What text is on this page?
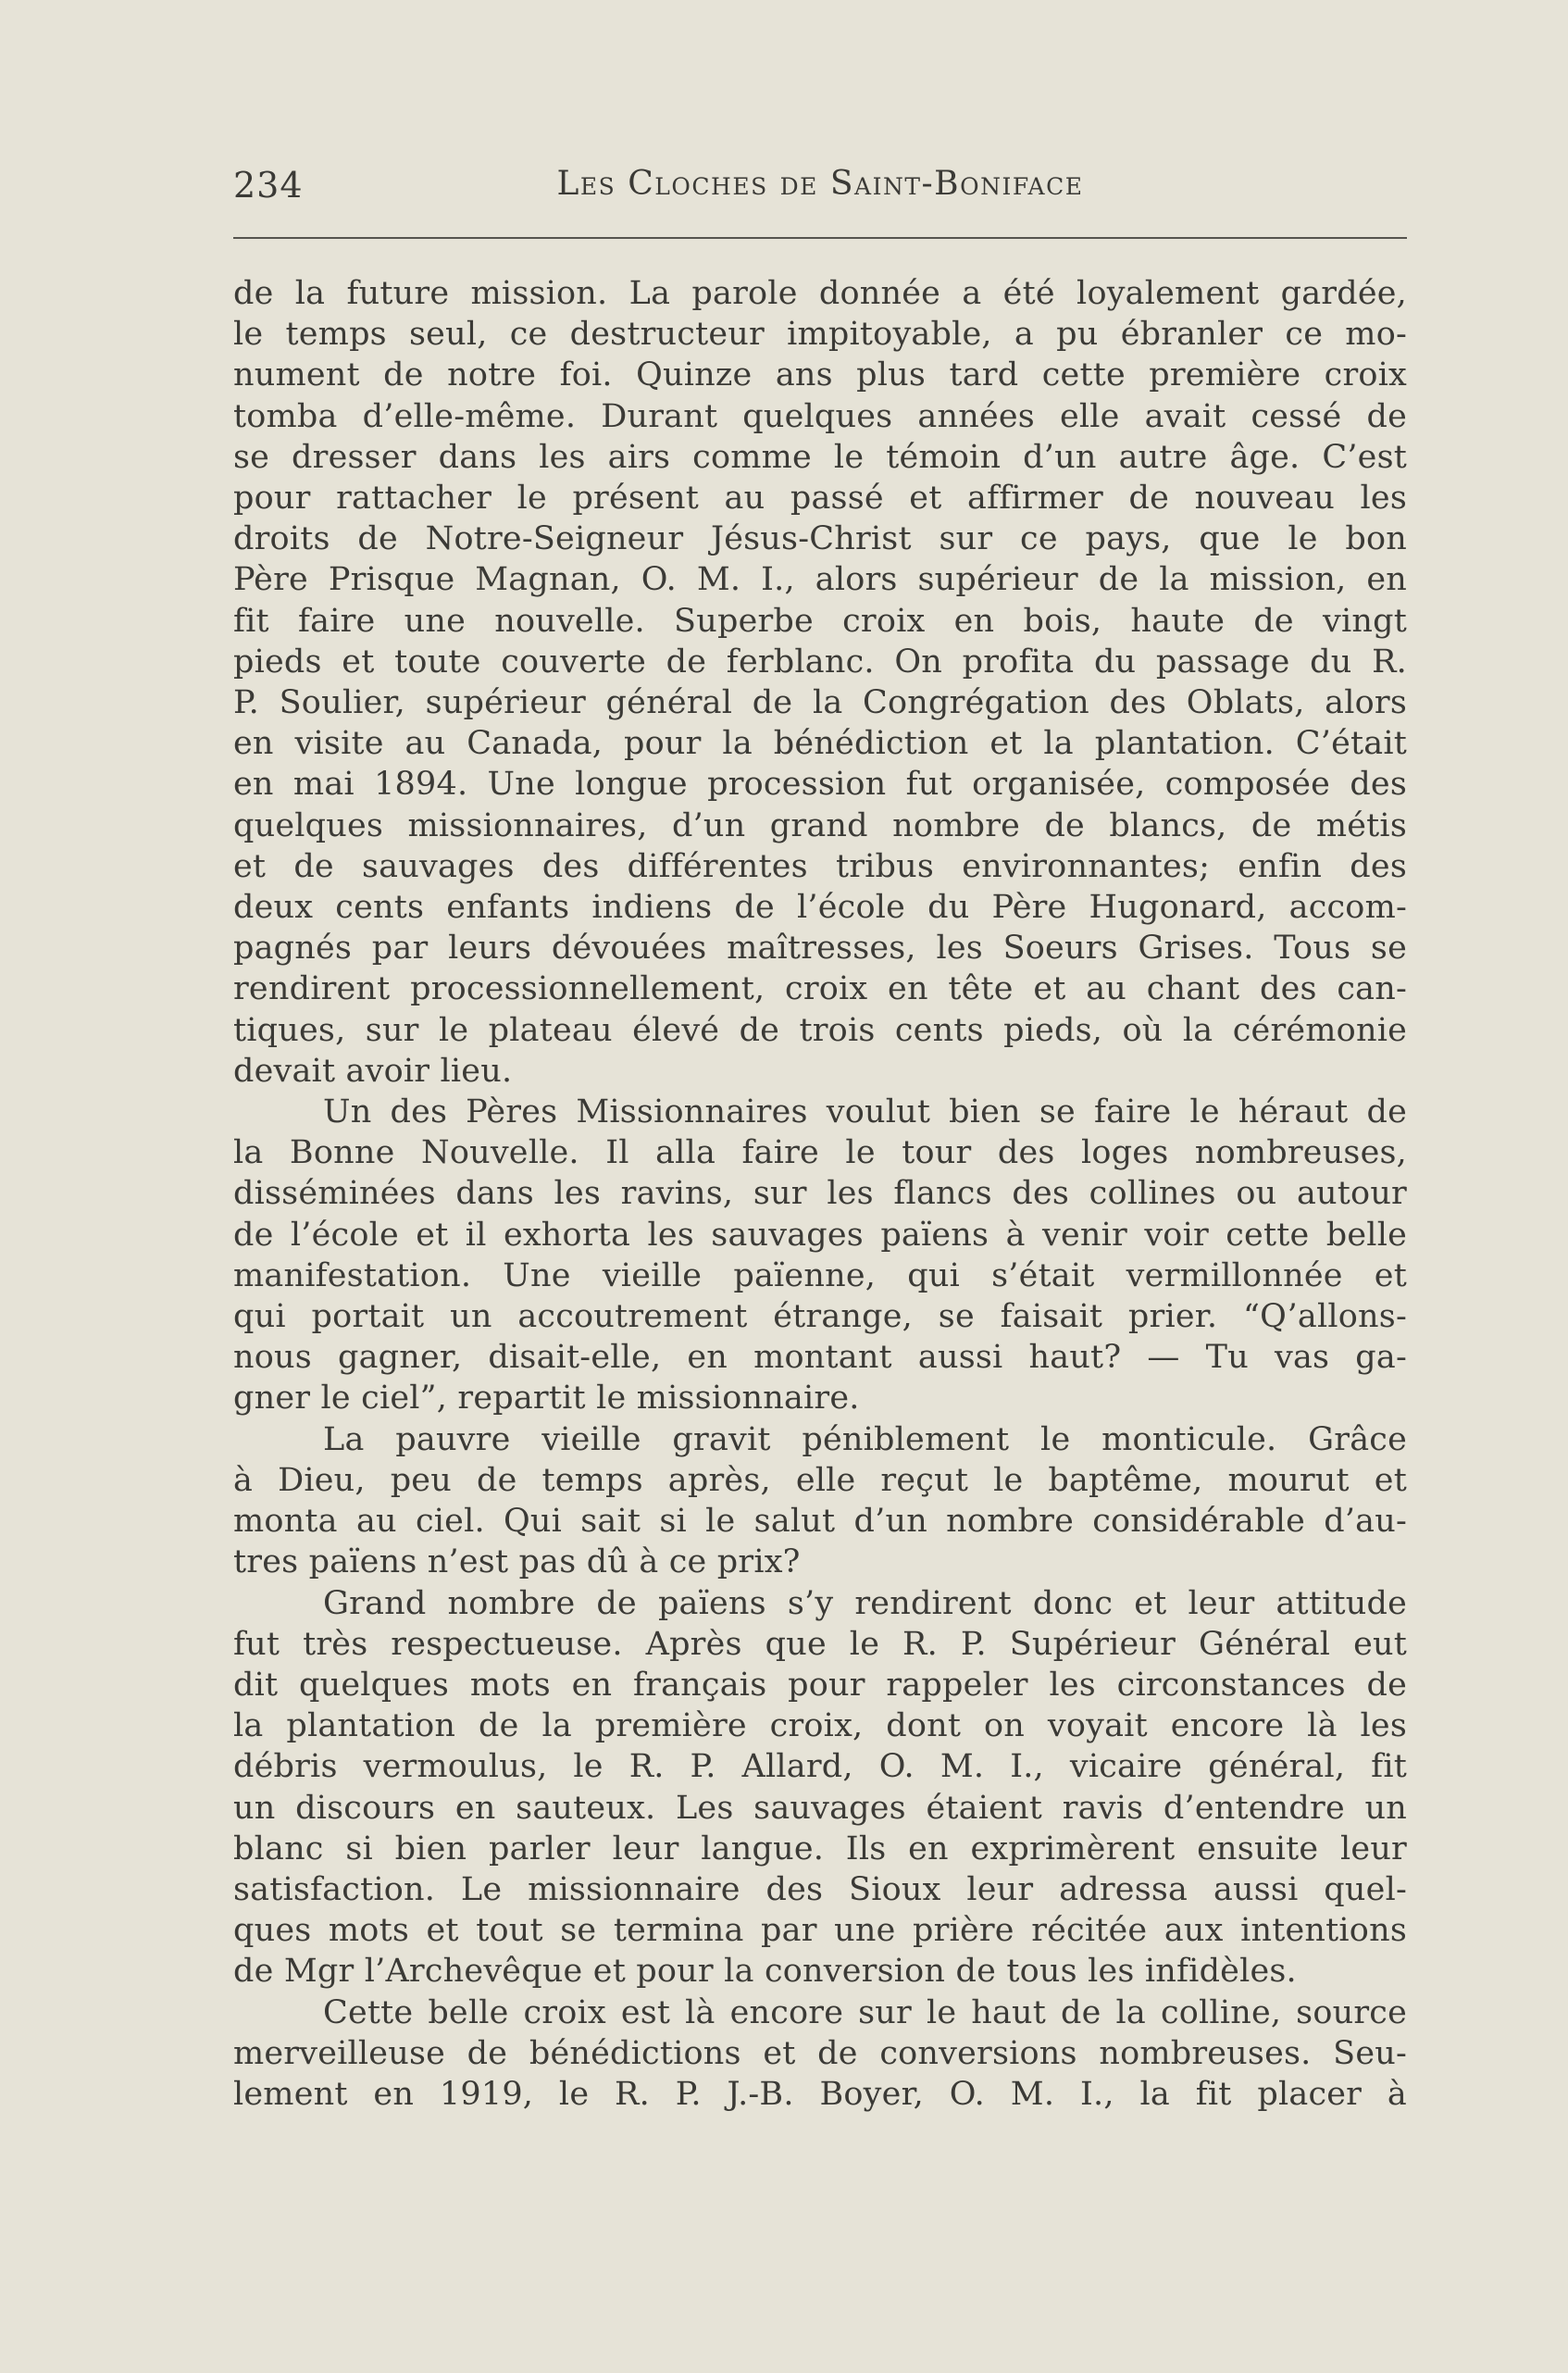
234	Les Cloches de Saint-Boniface
de la future mission. La parole donnée a été loyalement gardée,
le temps seul, ce destructeur impitoyable, a pu ébranler ce mo-
nument de notre foi. Quinze ans plus tard cette première croix
tomba d’elle-même. Durant quelques années elle avait cessé de
se dresser dans les airs comme le témoin d’un autre âge. C’est
pour rattacher le présent au passé et affirmer de nouveau les
droits de Notre-Seigneur Jésus-Christ sur ce pays, que le bon
Père Prisque Magnan, O. M. I., alors supérieur de la mission, en
fit faire une nouvelle. Superbe croix en bois, haute de vingt
pieds et toute couverte de ferblanc. On profita du passage du R.
P. Soulier, supérieur général de la Congrégation des Oblats, alors
en visite au Canada, pour la bénédiction et la plantation. C’était
en mai 1894. Une longue procession fut organisée, composée des
quelques missionnaires, d’un grand nombre de blancs, de métis
et de sauvages des différentes tribus environnantes; enfin des
deux cents enfants indiens de l’école du Père Hugonard, accom-
pagnés par leurs dévouées maîtresses, les Soeurs Grises. Tous se
rendirent processionnellement, croix en tête et au chant des can-
tiques, sur le plateau élevé de trois cents pieds, où la cérémonie
devait avoir lieu.
Un des Pères Missionnaires voulut bien se faire le héraut de
la Bonne Nouvelle. Il alla faire le tour des loges nombreuses,
disséminées dans les ravins, sur les flancs des collines ou autour
de l’école et il exhorta les sauvages païens à venir voir cette belle
manifestation. Une vieille païenne, qui s’était vermillonnée et
qui portait un accoutrement étrange, se faisait prier. “Q’allons-
nous gagner, disait-elle, en montant aussi haut? — Tu vas ga-
gner le ciel”, repartit le missionnaire.
La pauvre vieille gravit péniblement le monticule. Grâce
à Dieu, peu de temps après, elle reçut le baptême, mourut et
monta au ciel. Qui sait si le salut d’un nombre considérable d’au-
tres païens n’est pas dû à ce prix?
Grand nombre de païens s’y rendirent donc et leur attitude
fut très respectueuse. Après que le R. P. Supérieur Général eut
dit quelques mots en français pour rappeler les circonstances de
la plantation de la première croix, dont on voyait encore là les
débris vermoulus, le R. P. Allard, O. M. I., vicaire général, fit
un discours en sauteux. Les sauvages étaient ravis d’entendre un
blanc si bien parler leur langue. Ils en exprimèrent ensuite leur
satisfaction. Le missionnaire des Sioux leur adressa aussi quel-
ques mots et tout se termina par une prière récitée aux intentions
de Mgr l’Archevêque et pour la conversion de tous les infidèles.
Cette belle croix est là encore sur le haut de la colline, source
merveilleuse de bénédictions et de conversions nombreuses. Seu-
lement en 1919, le R. P. J.-B. Boyer, O. M. I., la fit placer à
